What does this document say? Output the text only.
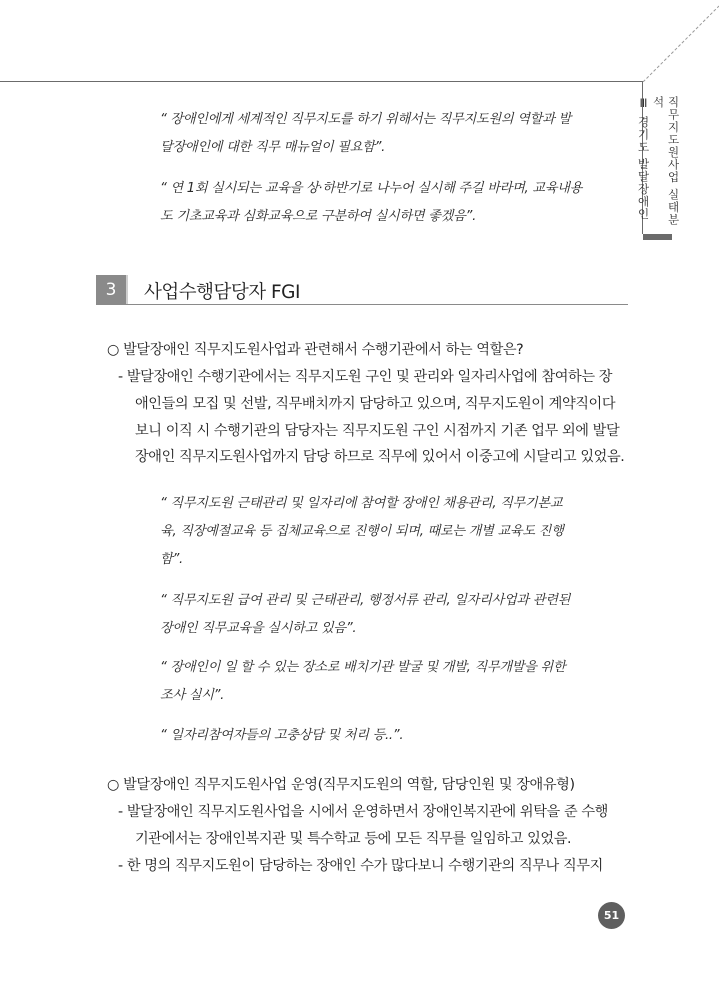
직무지도원사업 실태분석
Ⅲ 경기도 발달장애인
“ 장애인에게 세계적인 직무지도를 하기 위해서는 직무지도원의 역할과 발
달장애인에 대한 직무 매뉴얼이 필요함”.
“ 연 1회 실시되는 교육을 상⋅하반기로 나누어 실시해 주길 바라며, 교육내용
도 기초교육과 심화교육으로 구분하여 실시하면 좋겠음”.
3	사업수행담당자 FGI
○ 발달장애인 직무지도원사업과 관련해서 수행기관에서 하는 역할은?
- 발달장애인 수행기관에서는 직무지도원 구인 및 관리와 일자리사업에 참여하는 장
애인들의 모집 및 선발, 직무배치까지 담당하고 있으며, 직무지도원이 계약직이다
보니 이직 시 수행기관의 담당자는 직무지도원 구인 시점까지 기존 업무 외에 발달
장애인 직무지도원사업까지 담당 하므로 직무에 있어서 이중고에 시달리고 있었음.
“ 직무지도원 근태관리 및 일자리에 참여할 장애인 채용관리, 직무기본교
육, 직장예절교육 등 집체교육으로 진행이 되며, 때로는 개별 교육도 진행
함”.
“ 직무지도원 급여 관리 및 근태관리, 행정서류 관리, 일자리사업과 관련된
장애인 직무교육을 실시하고 있음”.
“ 장애인이 일 할 수 있는 장소로 배치기관 발굴 및 개발, 직무개발을 위한
조사 실시”.
“ 일자리참여자들의 고충상담 및 처리 등..”.
○ 발달장애인 직무지도원사업 운영(직무지도원의 역할, 담당인원 및 장애유형)
- 발달장애인 직무지도원사업을 시에서 운영하면서 장애인복지관에 위탁을 준 수행
기관에서는 장애인복지관 및 특수학교 등에 모든 직무를 일임하고 있었음.
- 한 명의 직무지도원이 담당하는 장애인 수가 많다보니 수행기관의 직무나 직무지
51
